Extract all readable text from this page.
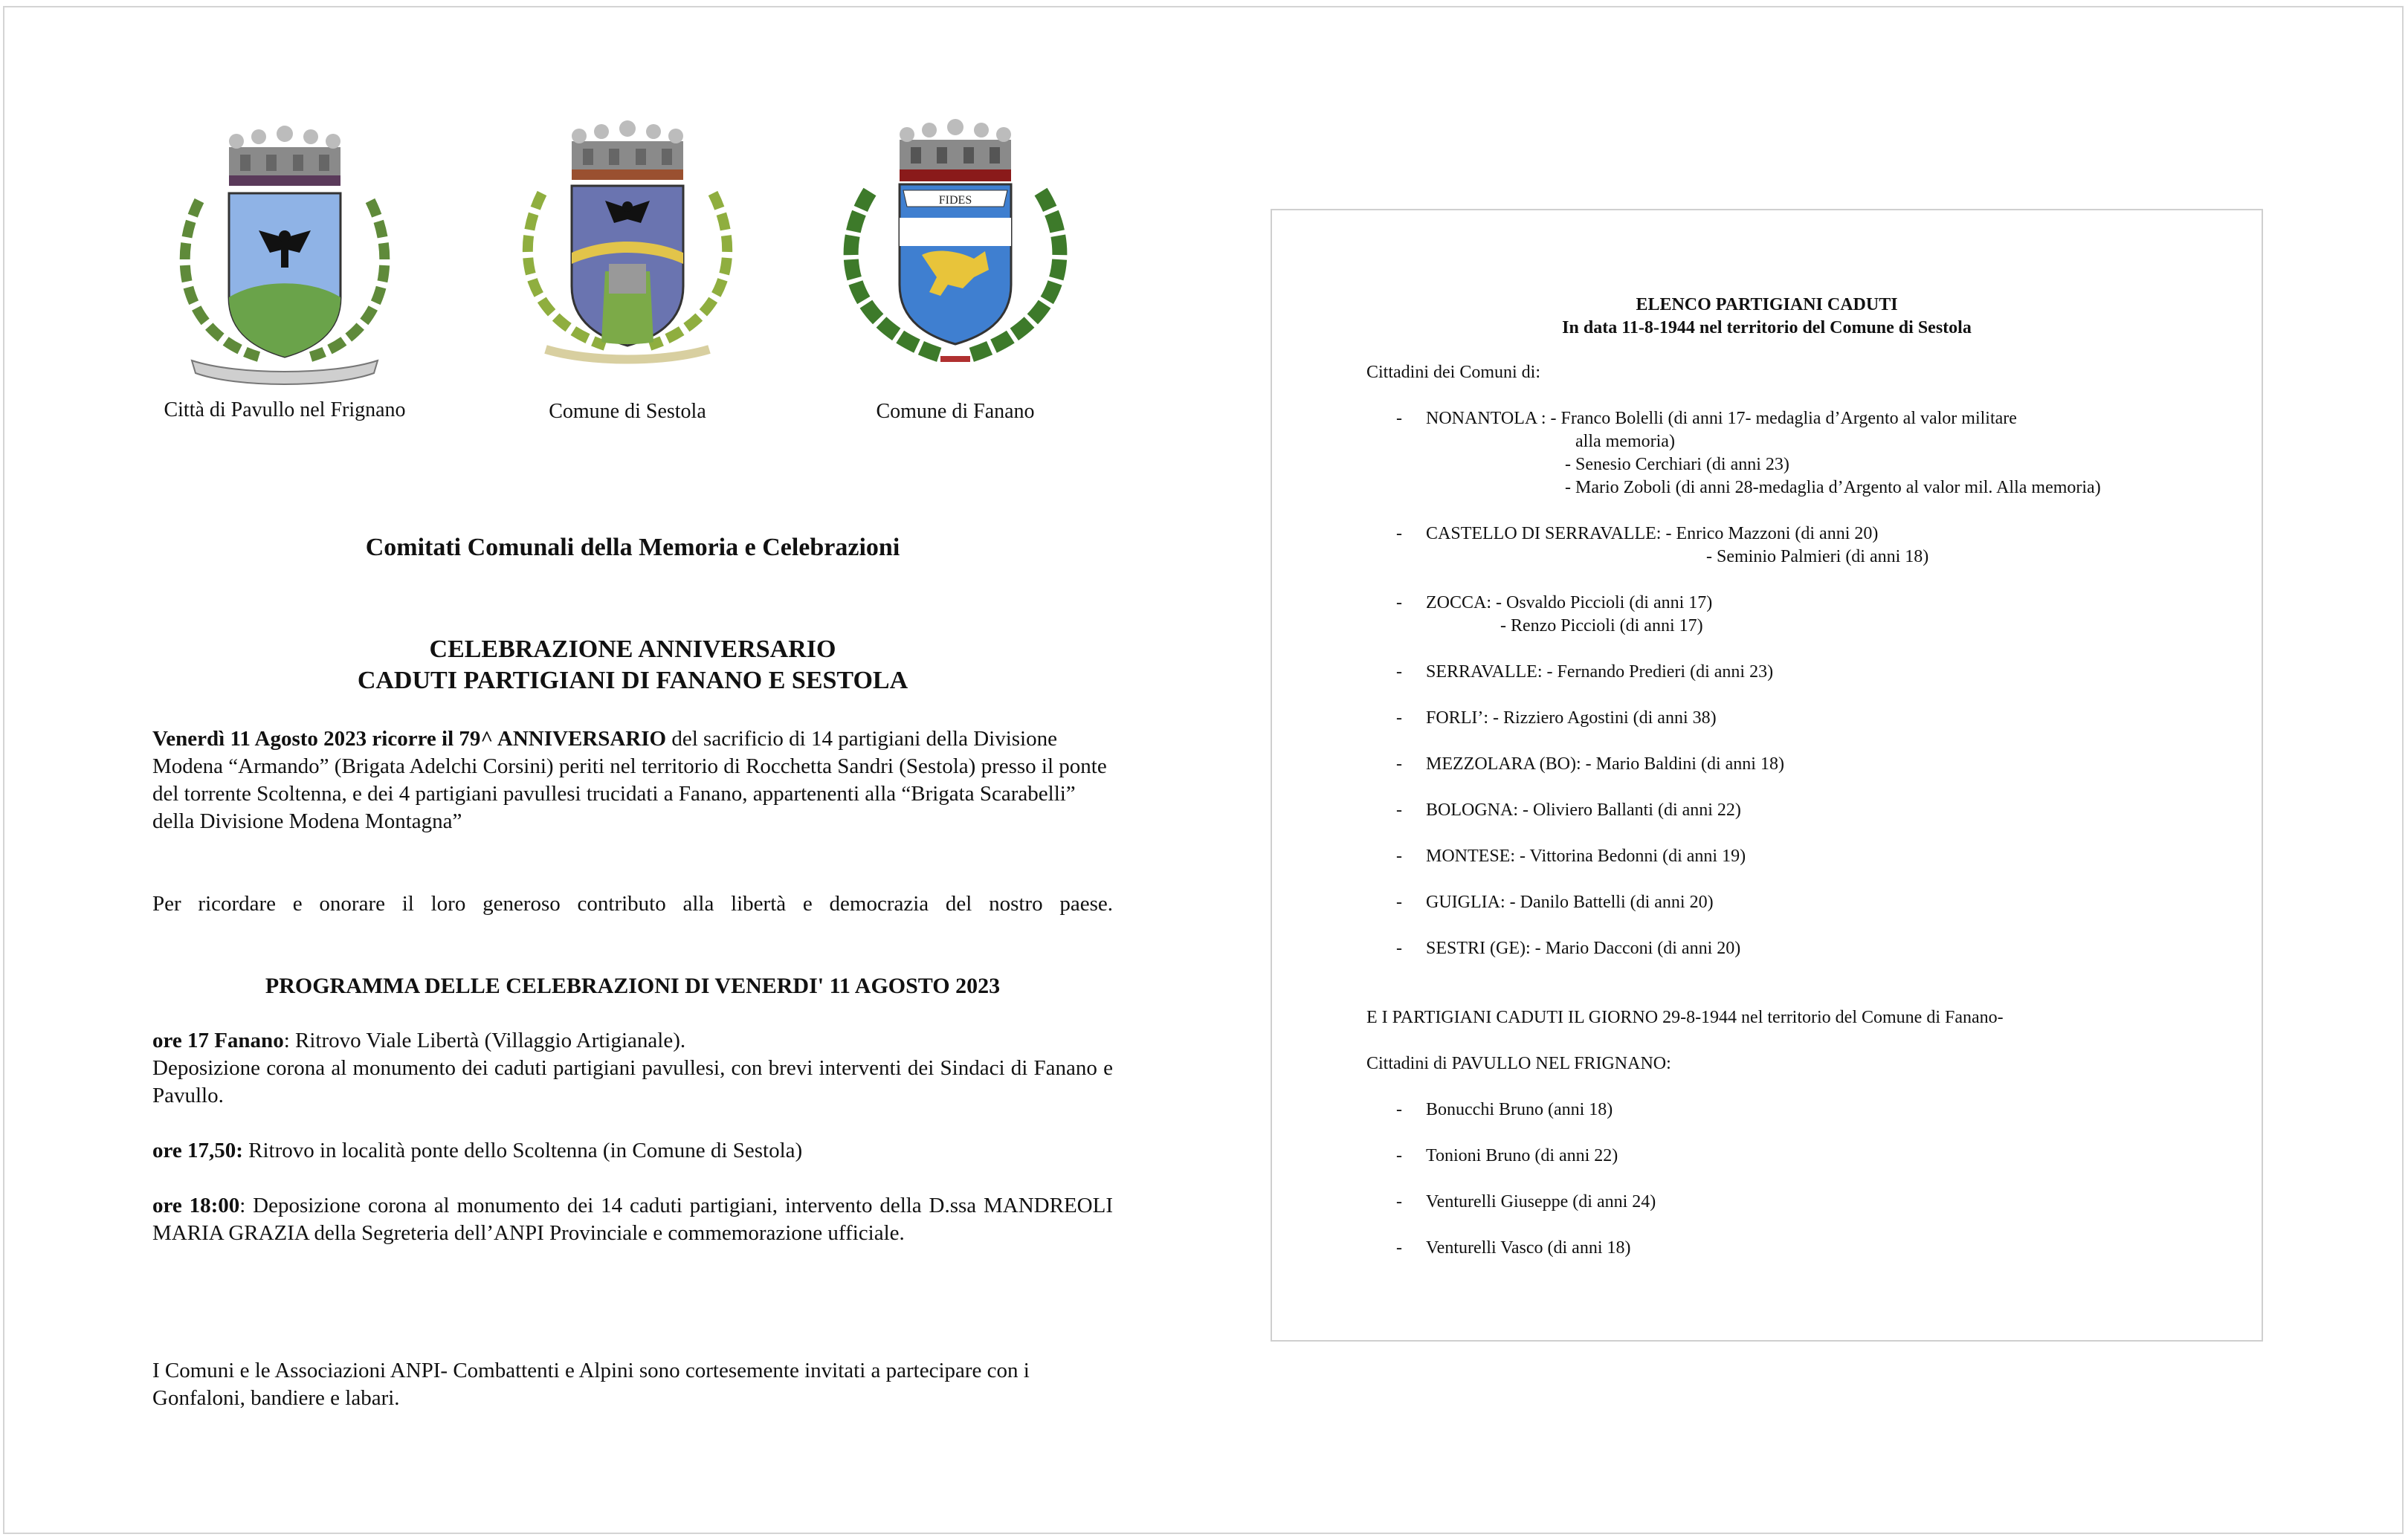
Città di Pavullo nel Frignano	Comune di Sestola
FIDES
Comune di Fanano
Comitati Comunali della Memoria e Celebrazioni
CELEBRAZIONE ANNIVERSARIO
CADUTI PARTIGIANI DI FANANO E SESTOLA

Venerdì 11 Agosto 2023 ricorre il 79^ ANNIVERSARIO del sacrificio di 14 partigiani della Divisione Modena “Armando” (Brigata Adelchi Corsini) periti nel territorio di Rocchetta Sandri (Sestola) presso il ponte del torrente Scoltenna, e dei 4 partigiani pavullesi trucidati a Fanano, appartenenti alla “Brigata Scarabelli” della Divisione Modena Montagna”

Per ricordare e onorare il loro generoso contributo alla libertà e democrazia del nostro paese.

PROGRAMMA DELLE CELEBRAZIONI DI VENERDI' 11 AGOSTO 2023

ore 17 Fanano: Ritrovo Viale Libertà (Villaggio Artigianale).

Deposizione corona al monumento dei caduti partigiani pavullesi, con brevi interventi dei Sindaci di Fanano e Pavullo.

ore 17,50: Ritrovo in località ponte dello Scoltenna (in Comune di Sestola)

ore 18:00: Deposizione corona al monumento dei 14 caduti partigiani, intervento della D.ssa MANDREOLI MARIA GRAZIA della Segreteria dell’ANPI Provinciale e commemorazione ufficiale.

I Comuni e le Associazioni ANPI- Combattenti e Alpini sono cortesemente invitati a partecipare con i Gonfaloni, bandiere e labari.

ELENCO PARTIGIANI CADUTI
In data 11-8-1944 nel territorio del Comune di Sestola
Cittadini dei Comuni di:
- NONANTOLA : - Franco Bolelli (di anni 17- medaglia d’Argento al valor militare
alla memoria)
- Senesio Cerchiari (di anni 23)
- Mario Zoboli (di anni 28-medaglia d’Argento al valor mil. Alla memoria)
- CASTELLO DI SERRAVALLE: - Enrico Mazzoni (di anni 20)
- Seminio Palmieri (di anni 18)
- ZOCCA: - Osvaldo Piccioli (di anni 17)
- Renzo Piccioli (di anni 17)
- SERRAVALLE: - Fernando Predieri (di anni 23)
- FORLI’: - Rizziero Agostini (di anni 38)
- MEZZOLARA (BO): - Mario Baldini (di anni 18)
- BOLOGNA: - Oliviero Ballanti (di anni 22)
- MONTESE: - Vittorina Bedonni (di anni 19)
- GUIGLIA: - Danilo Battelli (di anni 20)
- SESTRI (GE): - Mario Dacconi (di anni 20)
E I PARTIGIANI CADUTI IL GIORNO 29-8-1944 nel territorio del Comune di Fanano-
Cittadini di PAVULLO NEL FRIGNANO:
- Bonucchi Bruno (anni 18)
- Tonioni Bruno (di anni 22)
- Venturelli Giuseppe (di anni 24)
- Venturelli Vasco (di anni 18)
